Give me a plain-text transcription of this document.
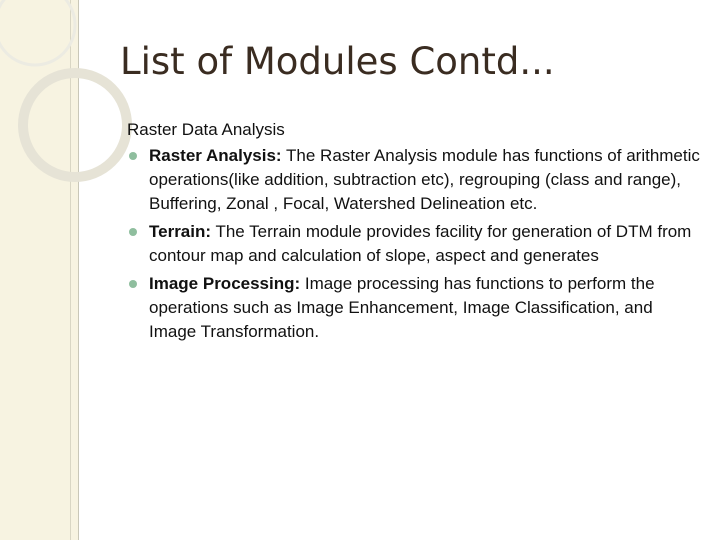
List of Modules Contd...
Raster Data Analysis
Raster Analysis: The Raster Analysis module has functions of arithmetic operations(like addition, subtraction etc), regrouping (class and range), Buffering, Zonal , Focal, Watershed Delineation etc.
Terrain: The Terrain module provides facility for generation of DTM from contour map and calculation of slope, aspect and generates
Image Processing: Image processing has functions to perform the operations such as Image Enhancement, Image Classification, and Image Transformation.
